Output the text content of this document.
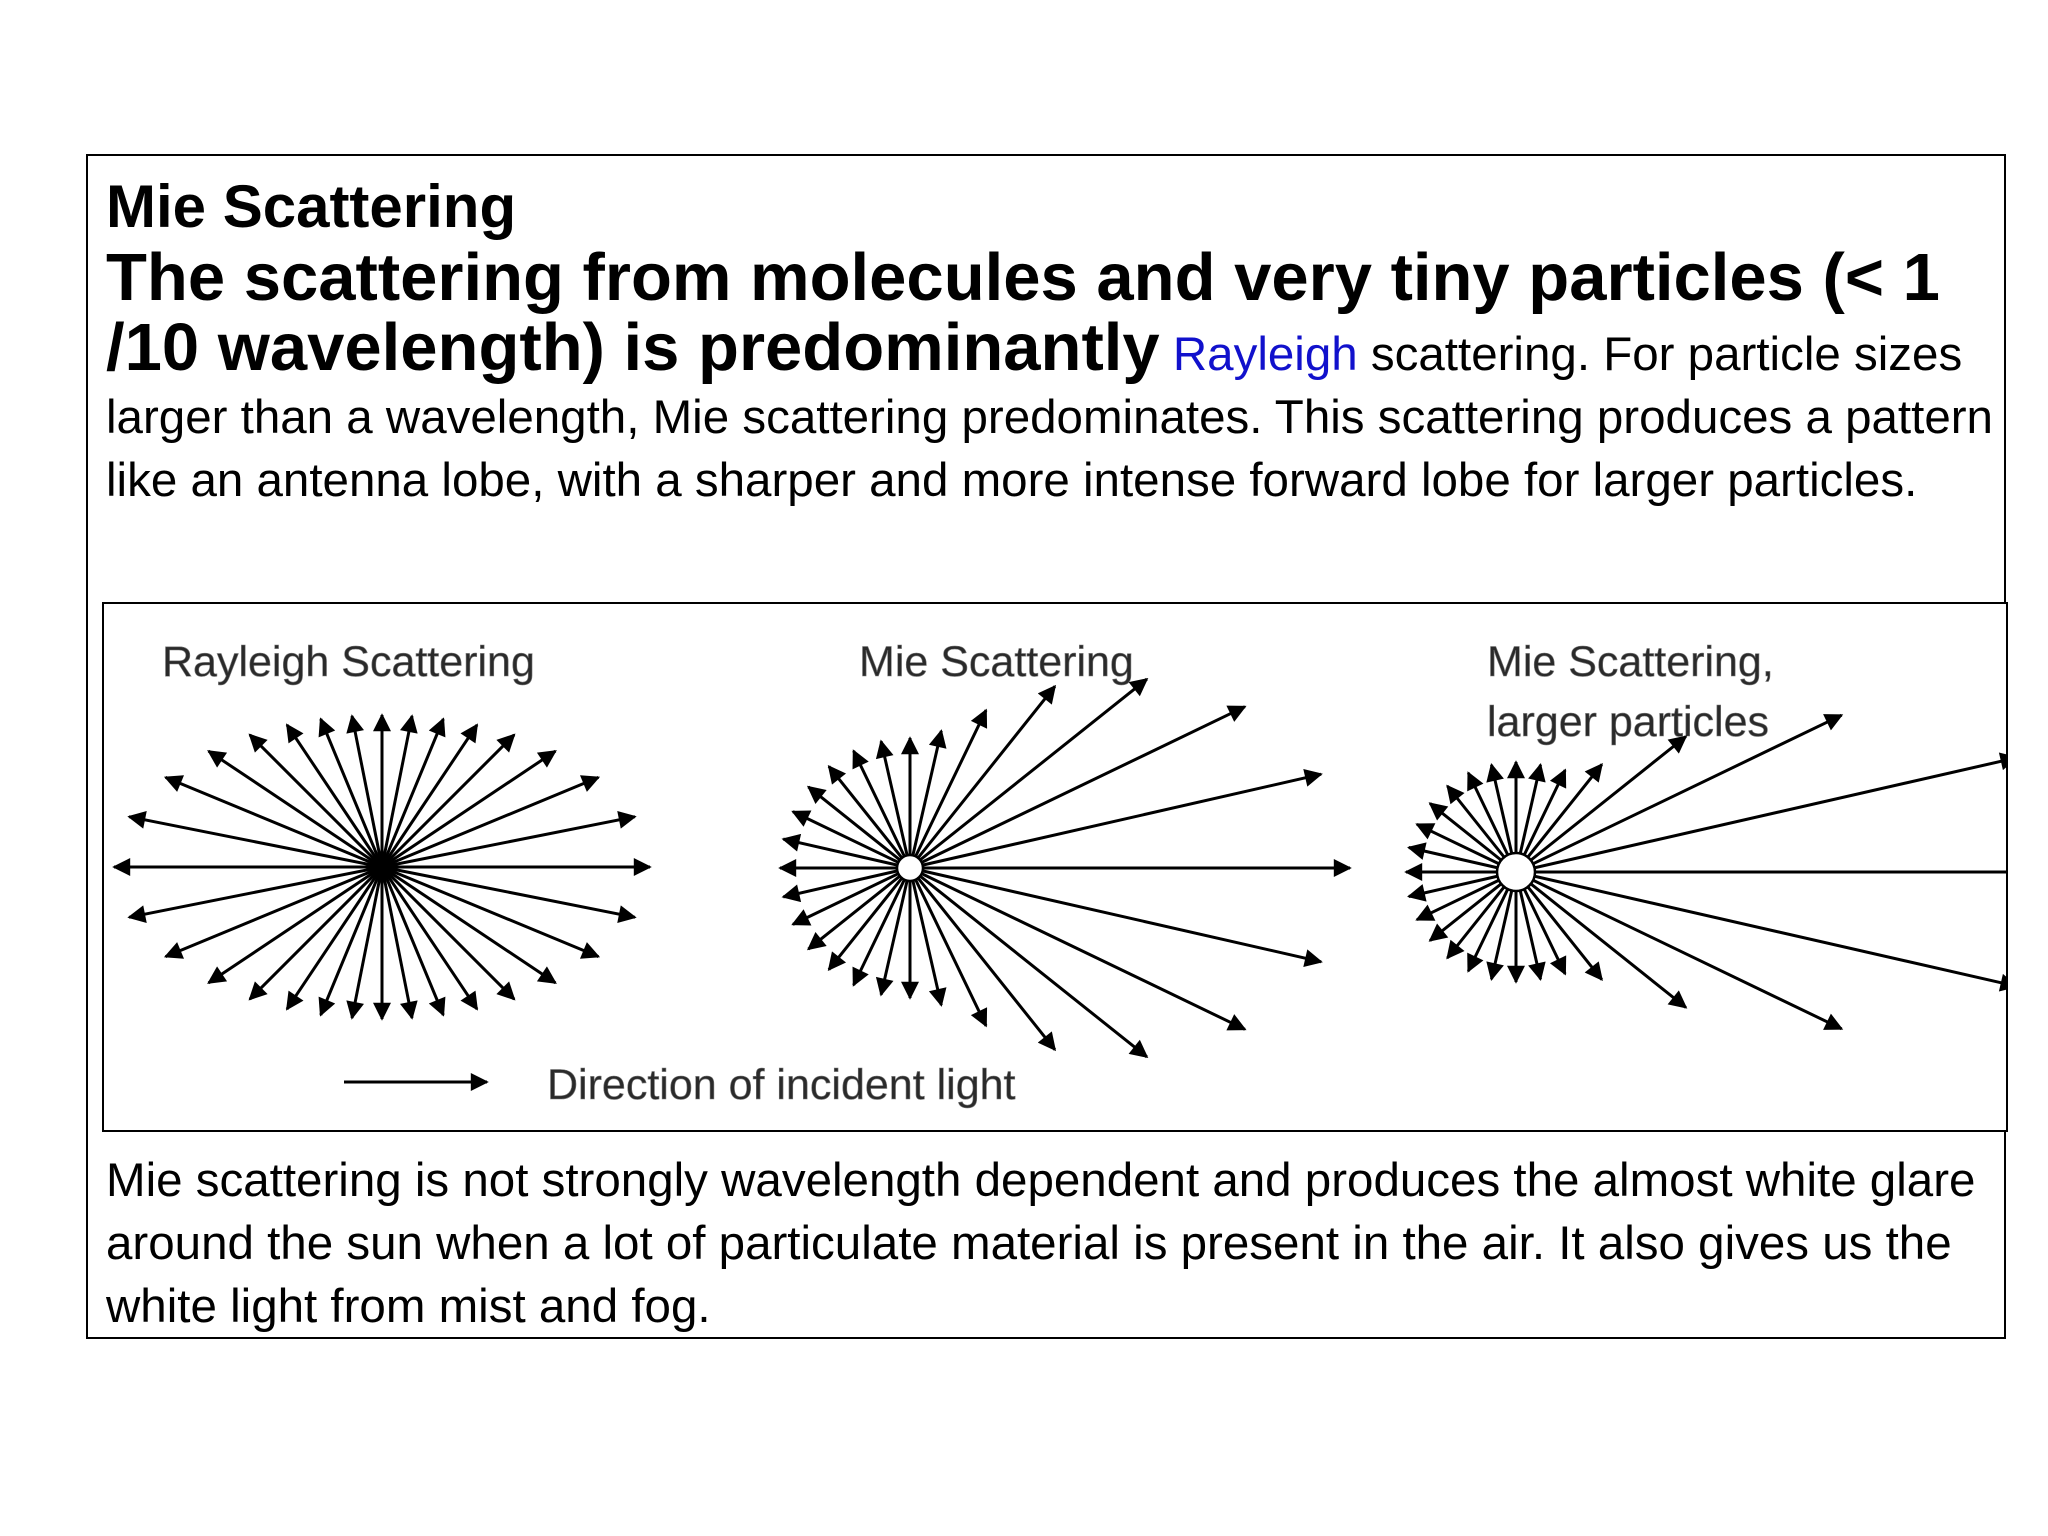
Mie Scattering

The scattering from molecules and very tiny particles (< 1 /10 wavelength) is predominantly Rayleigh scattering. For particle sizes larger than a wavelength, Mie scattering predominates. This scattering produces a pattern like an antenna lobe, with a sharper and more intense forward lobe for larger particles.

Rayleigh Scattering	Mie Scattering	Mie Scattering,
larger particles
Direction of incident light

Mie scattering is not strongly wavelength dependent and produces the almost white glare around the sun when a lot of particulate material is present in the air. It also gives us the white light from mist and fog.
